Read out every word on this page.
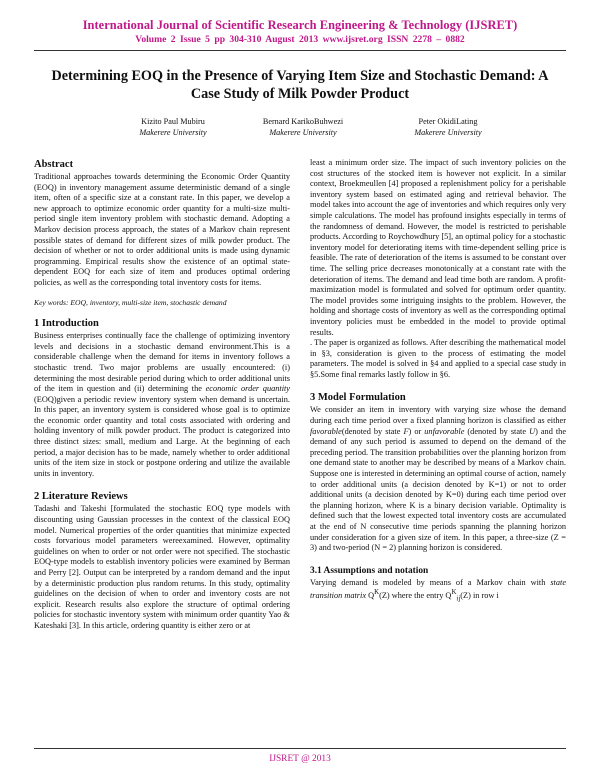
International Journal of Scientific Research Engineering & Technology (IJSRET)
Volume 2 Issue 5 pp 304-310 August 2013 www.ijsret.org ISSN 2278 – 0882
Determining EOQ in the Presence of Varying Item Size and Stochastic Demand: A Case Study of Milk Powder Product
Kizito Paul Mubiru
Makerere University
Bernard KarikoBuhwezi
Makerere University
Peter OkidiLating
Makerere University
Abstract

Traditional approaches towards determining the Economic Order Quantity (EOQ) in inventory management assume deterministic demand of a single item, often of a specific size at a constant rate. In this paper, we develop a new approach to optimize economic order quantity for a multi-size multi-period single item inventory problem with stochastic demand. Adopting a Markov decision process approach, the states of a Markov chain represent possible states of demand for different sizes of milk powder product. The decision of whether or not to order additional units is made using dynamic programming. Empirical results show the existence of an optimal state-dependent EOQ for each size of item and produces optimal ordering policies, as well as the corresponding total inventory costs for items.

Key words: EOQ, inventory, multi-size item, stochastic demand

1 Introduction

Business enterprises continually face the challenge of optimizing inventory levels and decisions in a stochastic demand environment.This is a considerable challenge when the demand for items in inventory follows a stochastic trend. Two major problems are usually encountered: (i) determining the most desirable period during which to order additional units of the item in question and (ii) determining the economic order quantity (EOQ)given a periodic review inventory system when demand is uncertain. In this paper, an inventory system is considered whose goal is to optimize the economic order quantity and total costs associated with ordering and holding inventory of milk powder product. The product is categorized into three distinct sizes: small, medium and Large. At the beginning of each period, a major decision has to be made, namely whether to order additional units of the item size in stock or postpone ordering and utilize the available units in inventory.

2 Literature Reviews

Tadashi and Takeshi [formulated the stochastic EOQ type models with discounting using Gaussian processes in the context of the classical EOQ model. Numerical properties of the order quantities that minimize expected costs forvarious model parameters wereexamined. However, optimality guidelines on when to order or not order were not specified. The stochastic EOQ-type models to establish inventory policies were examined by Berman and Perry [2]. Output can be interpreted by a random demand and the input by a deterministic production plus random returns. In this study, optimality guidelines on the decision of when to order and inventory costs are not explicit. Research results also explore the structure of optimal ordering policies for stochastic inventory system with minimum order quantity Yao & Kateshaki [3]. In this article, ordering quantity is either zero or at

least a minimum order size. The impact of such inventory policies on the cost structures of the stocked item is however not explicit. In a similar context, Broekmeullen [4] proposed a replenishment policy for a perishable inventory system based on estimated aging and retrieval behavior. The model takes into account the age of inventories and which requires only very simple calculations. The model has profound insights especially in terms of the randomness of demand. However, the model is restricted to perishable products. According to Roychowdhury [5], an optimal policy for a stochastic inventory model for deteriorating items with time-dependent selling price is feasible. The rate of deterioration of the items is assumed to be constant over time. The selling price decreases monotonically at a constant rate with the deterioration of items. The demand and lead time both are random. A profit-maximization model is formulated and solved for optimum order quantity. The model provides some intriguing insights to the problem. However, the holding and shortage costs of inventory as well as the corresponding optimal inventory policies must be embedded in the model to provide optimal results.

. The paper is organized as follows. After describing the mathematical model in §3, consideration is given to the process of estimating the model parameters. The model is solved in §4 and applied to a special case study in §5.Some final remarks lastly follow in §6.

3 Model Formulation

We consider an item in inventory with varying size whose the demand during each time period over a fixed planning horizon is classified as either favorable(denoted by state F) or unfavorable (denoted by state U) and the demand of any such period is assumed to depend on the demand of the preceding period. The transition probabilities over the planning horizon from one demand state to another may be described by means of a Markov chain. Suppose one is interested in determining an optimal course of action, namely to order additional units (a decision denoted by K=1) or not to order additional units (a decision denoted by K=0) during each time period over the planning horizon, where K is a binary decision variable. Optimality is defined such that the lowest expected total inventory costs are accumulated at the end of N consecutive time periods spanning the planning horizon under consideration for a given size of item. In this paper, a three-size (Z = 3) and two-period (N = 2) planning horizon is considered.

3.1 Assumptions and notation

Varying demand is modeled by means of a Markov chain with state transition matrix $Q^K(Z)$ where the entry $Q^K_{ij}(Z)$ in row i

IJSRET @ 2013
